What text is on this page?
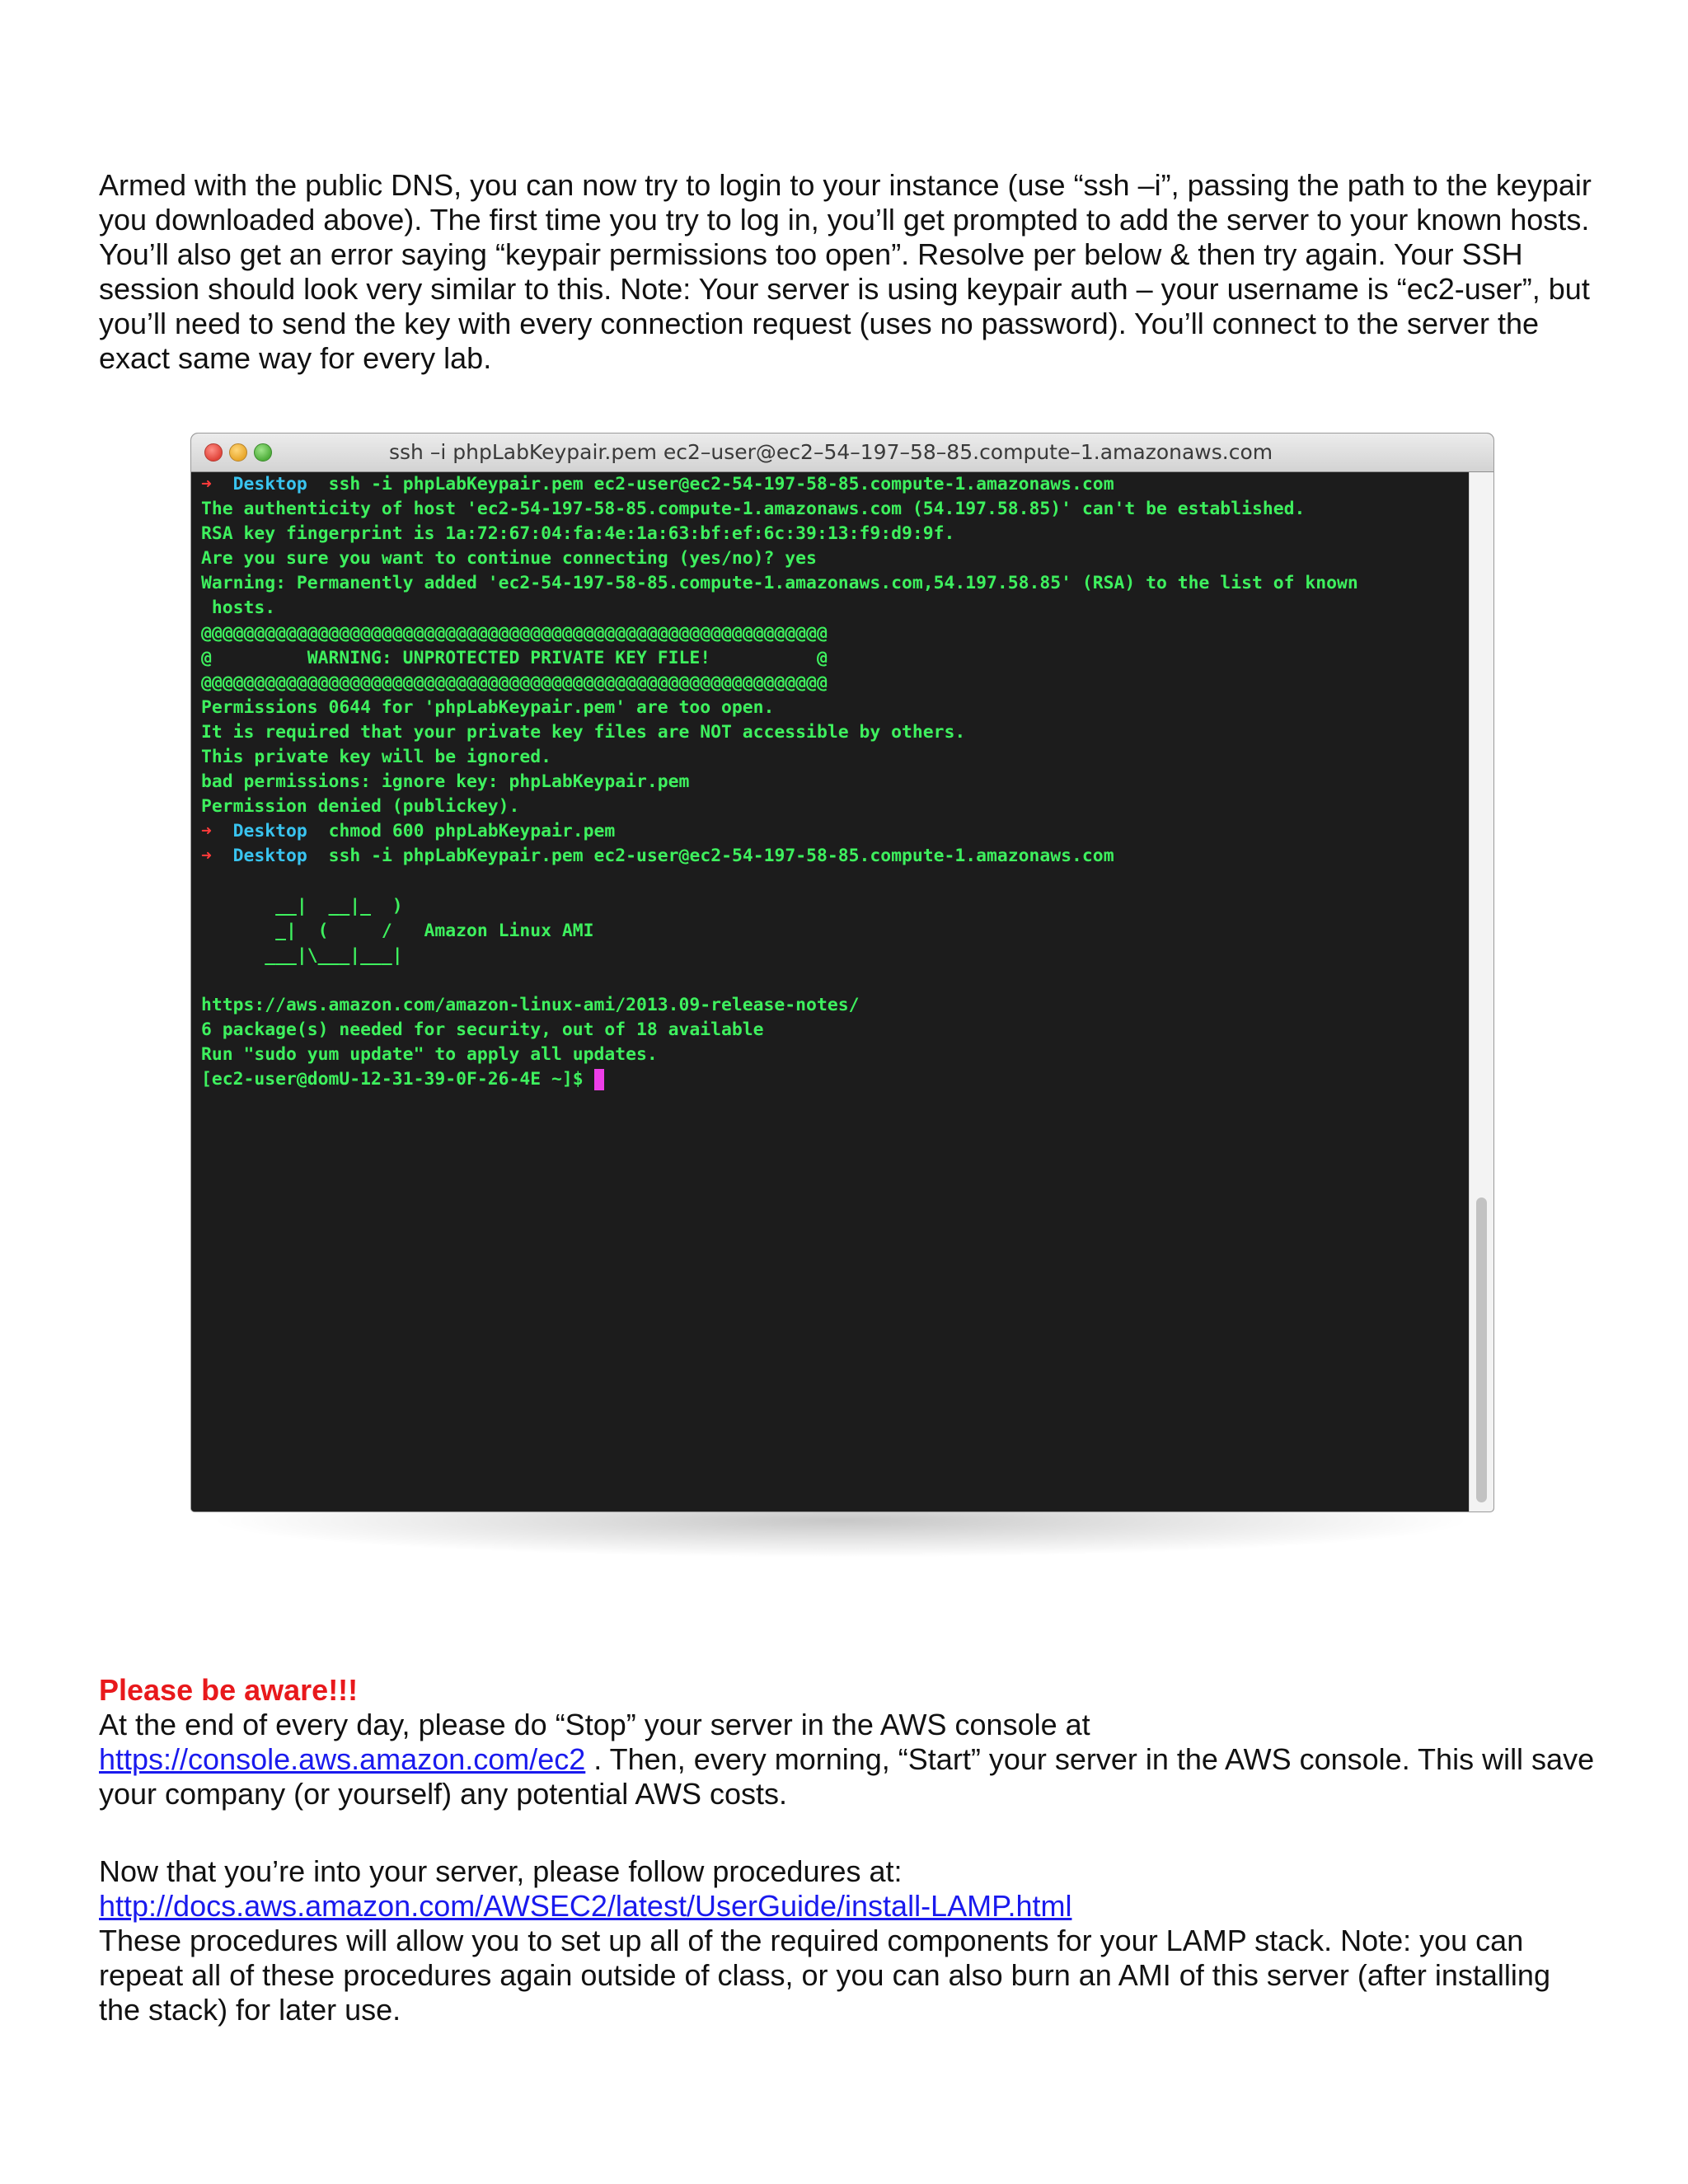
Armed with the public DNS, you can now try to login to your instance (use “ssh –i”, passing the path to the keypair you downloaded above). The first time you try to log in, you’ll get prompted to add the server to your known hosts. You’ll also get an error saying “keypair permissions too open”. Resolve per below & then try again. Your SSH session should look very similar to this. Note: Your server is using keypair auth – your username is “ec2-user”, but you’ll need to send the key with every connection request (uses no password). You’ll connect to the server the exact same way for every lab.

ssh –i phpLabKeypair.pem ec2–user@ec2–54–197–58–85.compute–1.amazonaws.com
➜ Desktop ssh -i phpLabKeypair.pem ec2-user@ec2-54-197-58-85.compute-1.amazonaws.com
The authenticity of host 'ec2-54-197-58-85.compute-1.amazonaws.com (54.197.58.85)' can't be established.
RSA key fingerprint is 1a:72:67:04:fa:4e:1a:63:bf:ef:6c:39:13:f9:d9:9f.
Are you sure you want to continue connecting (yes/no)? yes
Warning: Permanently added 'ec2-54-197-58-85.compute-1.amazonaws.com,54.197.58.85' (RSA) to the list of known
hosts.
@@@@@@@@@@@@@@@@@@@@@@@@@@@@@@@@@@@@@@@@@@@@@@@@@@@@@@@@@@@
@         WARNING: UNPROTECTED PRIVATE KEY FILE!          @
@@@@@@@@@@@@@@@@@@@@@@@@@@@@@@@@@@@@@@@@@@@@@@@@@@@@@@@@@@@
Permissions 0644 for 'phpLabKeypair.pem' are too open.
It is required that your private key files are NOT accessible by others.
This private key will be ignored.
bad permissions: ignore key: phpLabKeypair.pem
Permission denied (publickey).
➜ Desktop chmod 600 phpLabKeypair.pem
➜ Desktop ssh -i phpLabKeypair.pem ec2-user@ec2-54-197-58-85.compute-1.amazonaws.com
__|  __|_  )
_|  (     /   Amazon Linux AMI
___|\___|___|
https://aws.amazon.com/amazon-linux-ami/2013.09-release-notes/
6 package(s) needed for security, out of 18 available
Run "sudo yum update" to apply all updates.
[ec2-user@domU-12-31-39-0F-26-4E ~]$

Please be aware!!!

At the end of every day, please do “Stop” your server in the AWS console at
https://console.aws.amazon.com/ec2 . Then, every morning, “Start” your server in the AWS console. This will save your company (or yourself) any potential AWS costs.

Now that you’re into your server, please follow procedures at:
http://docs.aws.amazon.com/AWSEC2/latest/UserGuide/install-LAMP.html
These procedures will allow you to set up all of the required components for your LAMP stack. Note: you can repeat all of these procedures again outside of class, or you can also burn an AMI of this server (after installing the stack) for later use.
